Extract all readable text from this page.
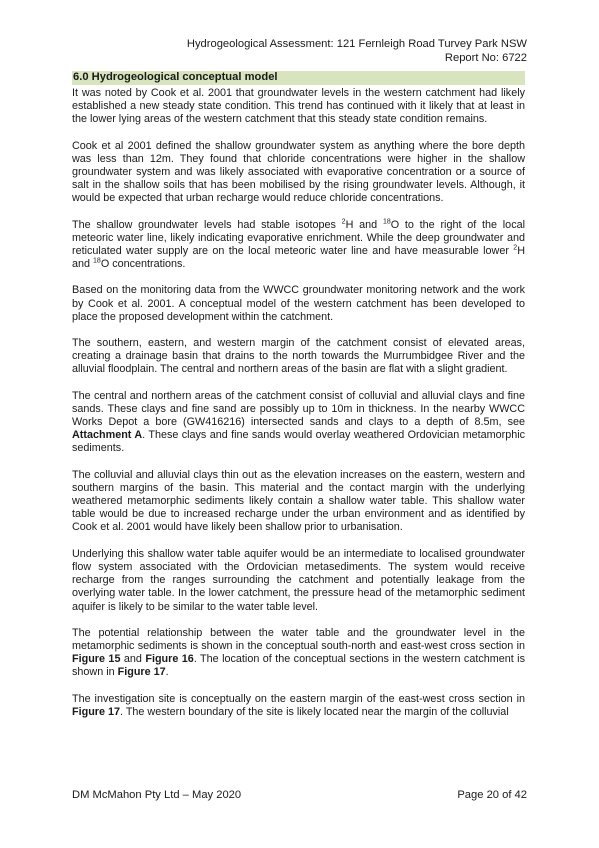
Hydrogeological Assessment: 121 Fernleigh Road Turvey Park NSW
Report No: 6722
6.0 Hydrogeological conceptual model

It was noted by Cook et al. 2001 that groundwater levels in the western catchment had likely established a new steady state condition. This trend has continued with it likely that at least in the lower lying areas of the western catchment that this steady state condition remains.

Cook et al 2001 defined the shallow groundwater system as anything where the bore depth was less than 12m. They found that chloride concentrations were higher in the shallow groundwater system and was likely associated with evaporative concentration or a source of salt in the shallow soils that has been mobilised by the rising groundwater levels. Although, it would be expected that urban recharge would reduce chloride concentrations.

The shallow groundwater levels had stable isotopes $^2$H and $^{18}$O to the right of the local meteoric water line, likely indicating evaporative enrichment. While the deep groundwater and reticulated water supply are on the local meteoric water line and have measurable lower $^2$H and $^{18}$O concentrations.

Based on the monitoring data from the WWCC groundwater monitoring network and the work by Cook et al. 2001. A conceptual model of the western catchment has been developed to place the proposed development within the catchment.

The southern, eastern, and western margin of the catchment consist of elevated areas, creating a drainage basin that drains to the north towards the Murrumbidgee River and the alluvial floodplain. The central and northern areas of the basin are flat with a slight gradient.

The central and northern areas of the catchment consist of colluvial and alluvial clays and fine sands. These clays and fine sand are possibly up to 10m in thickness. In the nearby WWCC Works Depot a bore (GW416216) intersected sands and clays to a depth of 8.5m, see Attachment A. These clays and fine sands would overlay weathered Ordovician metamorphic sediments.

The colluvial and alluvial clays thin out as the elevation increases on the eastern, western and southern margins of the basin. This material and the contact margin with the underlying weathered metamorphic sediments likely contain a shallow water table. This shallow water table would be due to increased recharge under the urban environment and as identified by Cook et al. 2001 would have likely been shallow prior to urbanisation.

Underlying this shallow water table aquifer would be an intermediate to localised groundwater flow system associated with the Ordovician metasediments. The system would receive recharge from the ranges surrounding the catchment and potentially leakage from the overlying water table. In the lower catchment, the pressure head of the metamorphic sediment aquifer is likely to be similar to the water table level.

The potential relationship between the water table and the groundwater level in the metamorphic sediments is shown in the conceptual south-north and east-west cross section in Figure 15 and Figure 16. The location of the conceptual sections in the western catchment is shown in Figure 17.

The investigation site is conceptually on the eastern margin of the east-west cross section in Figure 17. The western boundary of the site is likely located near the margin of the colluvial

DM McMahon Pty Ltd – May 2020	Page 20 of 42
